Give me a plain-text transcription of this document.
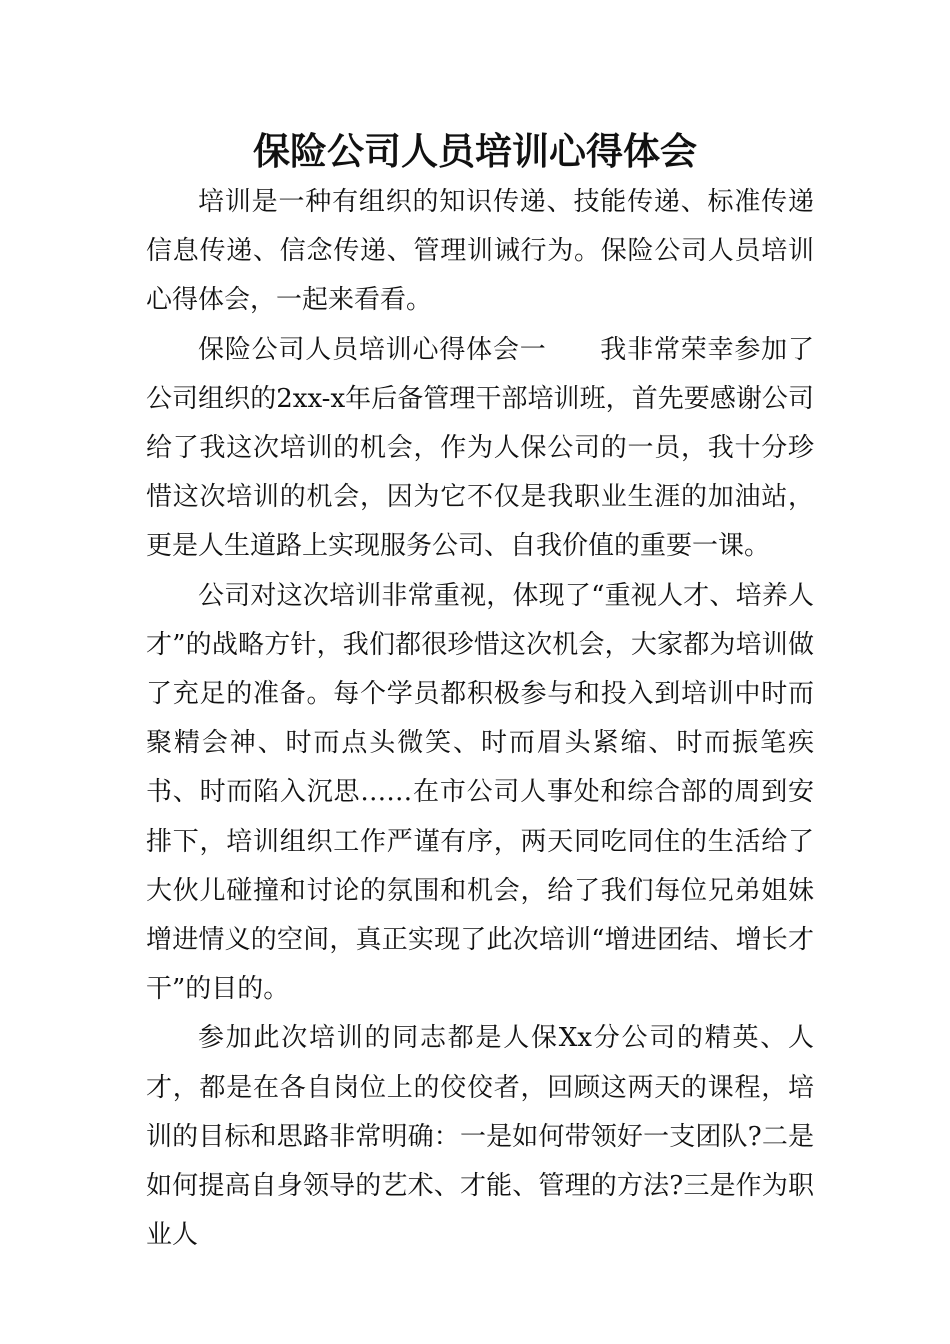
保险公司人员培训心得体会

培训是一种有组织的知识传递、技能传递、标准传递信息传递、信念传递、管理训诫行为。保险公司人员培训心得体会，一起来看看。

保险公司人员培训心得体会一　　我非常荣幸参加了公司组织的2xx-x年后备管理干部培训班，首先要感谢公司给了我这次培训的机会，作为人保公司的一员，我十分珍惜这次培训的机会，因为它不仅是我职业生涯的加油站，更是人生道路上实现服务公司、自我价值的重要一课。

公司对这次培训非常重视，体现了“重视人才、培养人才”的战略方针，我们都很珍惜这次机会，大家都为培训做了充足的准备。每个学员都积极参与和投入到培训中时而聚精会神、时而点头微笑、时而眉头紧缩、时而振笔疾书、时而陷入沉思……在市公司人事处和综合部的周到安排下，培训组织工作严谨有序，两天同吃同住的生活给了大伙儿碰撞和讨论的氛围和机会，给了我们每位兄弟姐妹增进情义的空间，真正实现了此次培训“增进团结、增长才干”的目的。

参加此次培训的同志都是人保Xx分公司的精英、人才，都是在各自岗位上的佼佼者，回顾这两天的课程，培训的目标和思路非常明确：一是如何带领好一支团队?二是如何提高自身领导的艺术、才能、管理的方法?三是作为职业人
